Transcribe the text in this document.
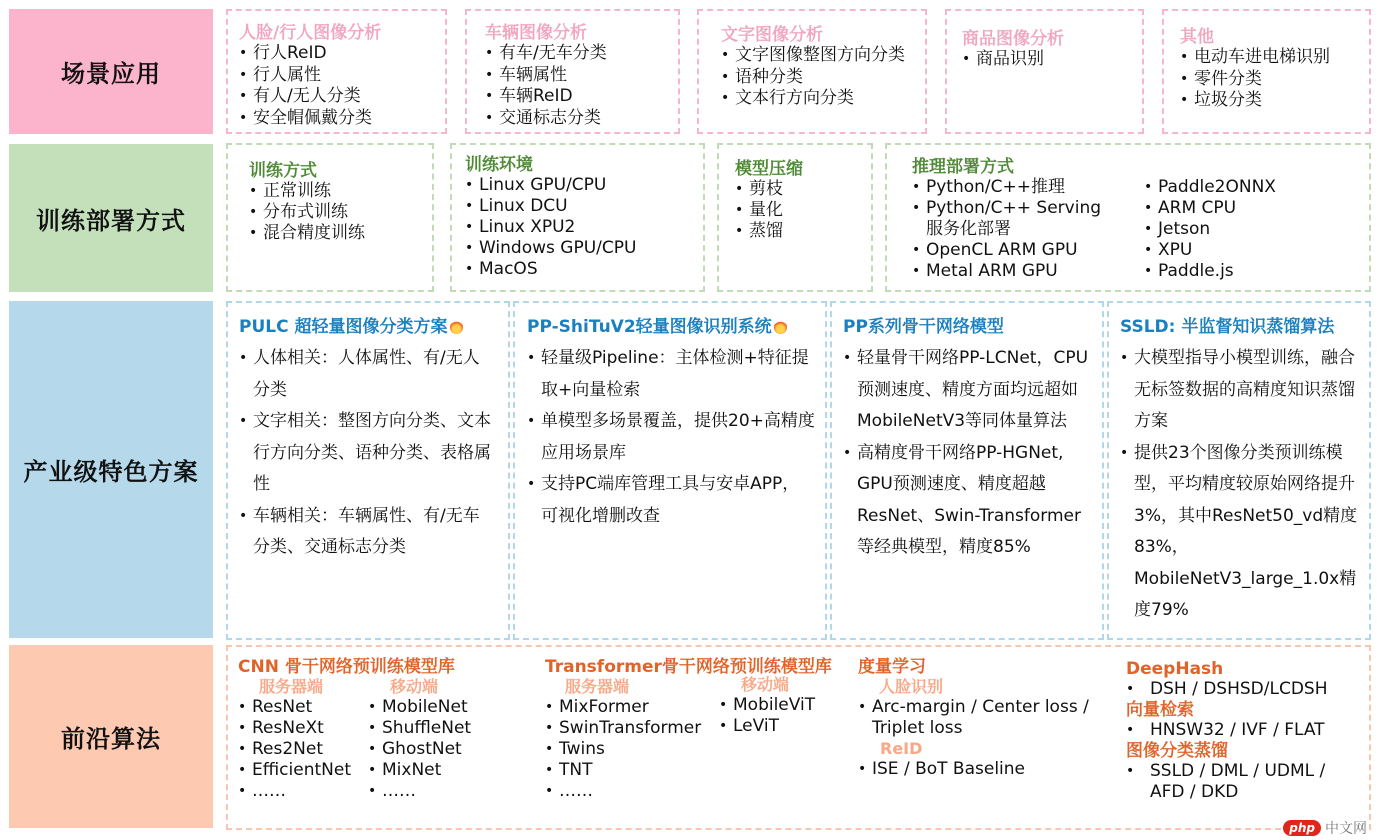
场景应用
人脸/行人图像分析
• 行人ReID
• 行人属性
• 有人/无人分类
• 安全帽佩戴分类
车辆图像分析
• 有车/无车分类
• 车辆属性
• 车辆ReID
• 交通标志分类
文字图像分析
• 文字图像整图方向分类
• 语种分类
• 文本行方向分类
商品图像分析
• 商品识别
其他
• 电动车进电梯识别
• 零件分类
• 垃圾分类
训练部署方式
训练方式
• 正常训练
• 分布式训练
• 混合精度训练
训练环境
• Linux GPU/CPU
• Linux DCU
• Linux XPU2
• Windows GPU/CPU
• MacOS
模型压缩
• 剪枝
• 量化
• 蒸馏
推理部署方式
• Python/C++推理
• Python/C++ Serving 服务化部署
• OpenCL ARM GPU
• Metal ARM GPU
• Paddle2ONNX
• ARM CPU
• Jetson
• XPU
• Paddle.js
产业级特色方案
PULC 超轻量图像分类方案
• 人体相关：人体属性、有/无人分类
• 文字相关：整图方向分类、文本行方向分类、语种分类、表格属性
• 车辆相关：车辆属性、有/无车分类、交通标志分类
PP-ShiTuV2轻量图像识别系统
• 轻量级Pipeline：主体检测+特征提取+向量检索
• 单模型多场景覆盖，提供20+高精度应用场景库
• 支持PC端库管理工具与安卓APP，可视化增删改查
PP系列骨干网络模型
• 轻量骨干网络PP-LCNet，CPU预测速度、精度方面均远超如MobileNetV3等同体量算法
• 高精度骨干网络PP-HGNet, GPU预测速度、精度超越ResNet、Swin-Transformer等经典模型，精度85%
SSLD: 半监督知识蒸馏算法
• 大模型指导小模型训练，融合无标签数据的高精度知识蒸馏方案
• 提供23个图像分类预训练模型，平均精度较原始网络提升3%，其中ResNet50_vd精度83%，MobileNetV3_large_1.0x精度79%
前沿算法
CNN 骨干网络预训练模型库
服务器端
• ResNet
• ResNeXt
• Res2Net
• EfficientNet
• ……
移动端
• MobileNet
• ShuffleNet
• GhostNet
• MixNet
• ……
Transformer骨干网络预训练模型库
服务器端
• MixFormer
• SwinTransformer
• Twins
• TNT
• ……
移动端
• MobileViT
• LeViT
度量学习
人脸识别
• Arc-margin / Center loss / Triplet loss
ReID
• ISE / BoT Baseline
DeepHash
• DSH / DSHSD/LCDSH
向量检索
• HNSW32 / IVF / FLAT
图像分类蒸馏
• SSLD / DML / UDML / AFD / DKD
php 中文网
